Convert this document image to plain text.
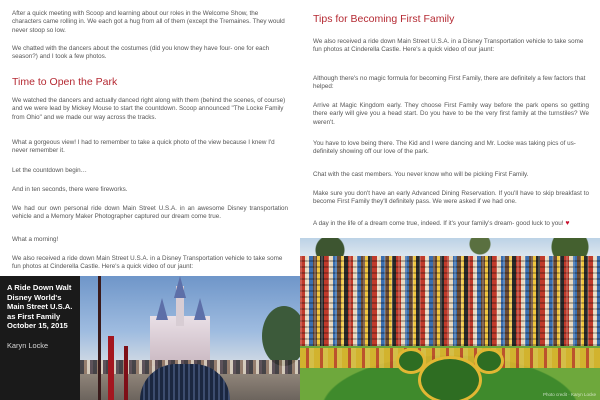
After a quick meeting with Scoop and learning about our roles in the Welcome Show, the characters came rolling in. We each got a hug from all of them (except the Tremaines. They would never stoop so low.

We chatted with the dancers about the costumes (did you know they have four- one for each season?) and I took a few photos.

Time to Open the Park

We watched the dancers and actually danced right along with them (behind the scenes, of course) and we were lead by Mickey Mouse to start the countdown. Scoop announced "The Locke Family from Ohio" and we made our way across the tracks.

What a gorgeous view! I had to remember to take a quick photo of the view because I knew I'd never remember it.

Let the countdown begin…

And in ten seconds, there were fireworks.

We had our own personal ride down Main Street U.S.A. in an awesome Disney transportation vehicle and a Memory Maker Photographer captured our dream come true.

What a morning!

We also received a ride down Main Street U.S.A. in a Disney Transportation vehicle to take some fun photos at Cinderella Castle. Here's a quick video of our jaunt:

Tips for Becoming First Family

We also received a ride down Main Street U.S.A. in a Disney Transportation vehicle to take some fun photos at Cinderella Castle. Here's a quick video of our jaunt:

Although there's no magic formula for becoming First Family, there are definitely a few factors that helped:

Arrive at Magic Kingdom early. They choose First Family way before the park opens so getting there early will give you a head start. Do you have to be the very first family at the turnstiles? We weren't.

You have to love being there. The Kid and I were dancing and Mr. Locke was taking pics of us- definitely showing off our love of the park.

Chat with the cast members. You never know who will be picking First Family.

Make sure you don't have an early Advanced Dining Reservation. If you'll have to skip breakfast to become First Family they'll definitely pass. We were asked if we had one.

A day in the life of a dream come true, indeed. If it's your family's dream- good luck to you! ♥

A Ride Down Walt Disney World's Main Street U.S.A. as First Family October 15, 2015
Karyn Locke
Photo credit · Karyn Locke
